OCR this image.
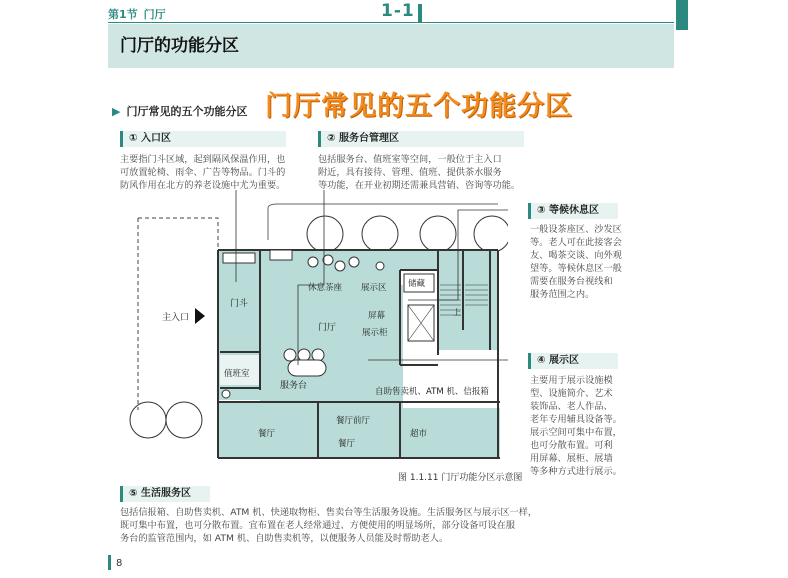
第1节 门厅	1-1
门厅的功能分区
门厅常见的五个功能分区
▶ 门厅常见的五个功能分区
① 入口区
主要指门斗区域，起到隔风保温作用，也
可放置轮椅、雨伞、广告等物品。门斗的
防风作用在北方的养老设施中尤为重要。
② 服务台管理区
包括服务台、值班室等空间，一般位于主入口
附近，具有接待、管理、值班、提供茶水服务
等功能，在开业初期还需兼具营销、咨询等功能。
③ 等候休息区
一般设茶座区、沙发区
等。老人可在此接客会
友、喝茶交谈、向外观
望等。等候休息区一般
需要在服务台视线和
服务范围之内。
④ 展示区
主要用于展示设施模
型、设施简介、艺术
装饰品、老人作品、
老年专用辅具设备等。
展示空间可集中布置，
也可分散布置。可利
用屏幕、展柜、展墙
等多种方式进行展示。
⑤ 生活服务区
包括信报箱、自助售卖机、ATM 机、快递取物柜、售卖台等生活服务设施。生活服务区与展示区一样，
既可集中布置，也可分散布置。宜布置在老人经常通过、方便使用的明显场所，部分设备可设在服
务台的监管范围内，如 ATM 机、自助售卖机等，以便服务人员能及时帮助老人。
主入口
门斗
值班室
服务台
门厅
休息茶座 展示区	储藏
屏幕
展示柜
自助售卖机、ATM 机、信报箱
餐厅
餐厅前厅
餐厅
超市
上
图 1.1.11 门厅功能分区示意图
8
